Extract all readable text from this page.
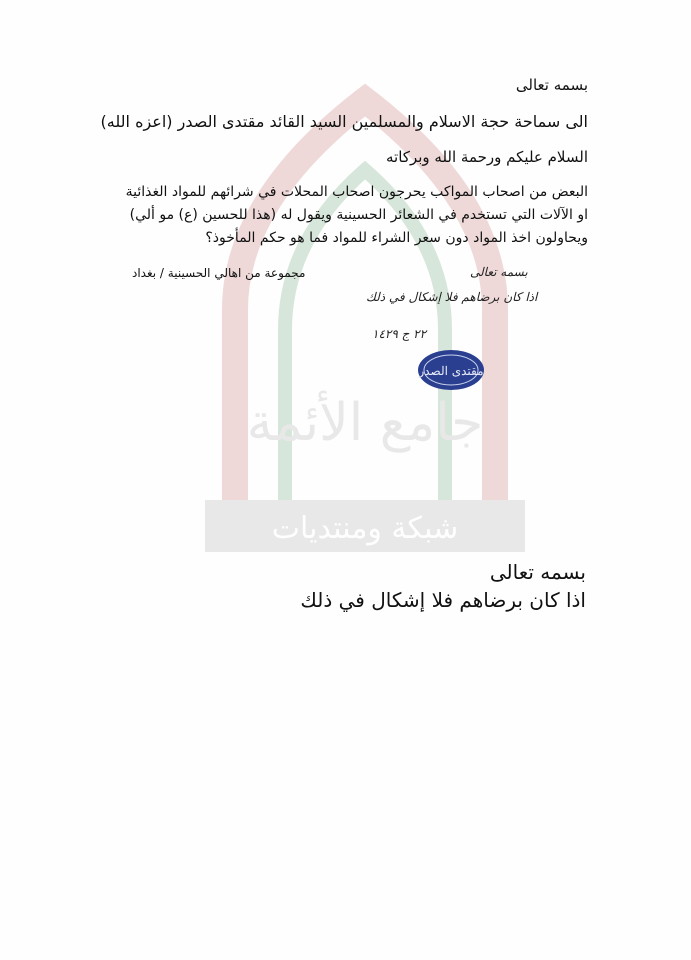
جامع الأئمة
شبكة ومنتديات
بسمه تعالى
الى سماحة حجة الاسلام والمسلمين السيد القائد مقتدى الصدر (اعزه الله)
السلام عليكم ورحمة الله وبركاته
البعض من اصحاب المواكب يحرجون اصحاب المحلات في شرائهم للمواد الغذائية
او الآلات التي تستخدم في الشعائر الحسينية ويقول له (هذا للحسين (ع) مو ألي)
ويحاولون اخذ المواد دون سعر الشراء للمواد فما هو حكم المأخوذ؟
مجموعة من اهالي الحسينية / بغداد	بسمه تعالى
اذا كان برضاهم فلا إشكال في ذلك
٢٢ ج ١٤٢٩
مقتدى الصدر
بسمه تعالى
اذا كان برضاهم فلا إشكال في ذلك
